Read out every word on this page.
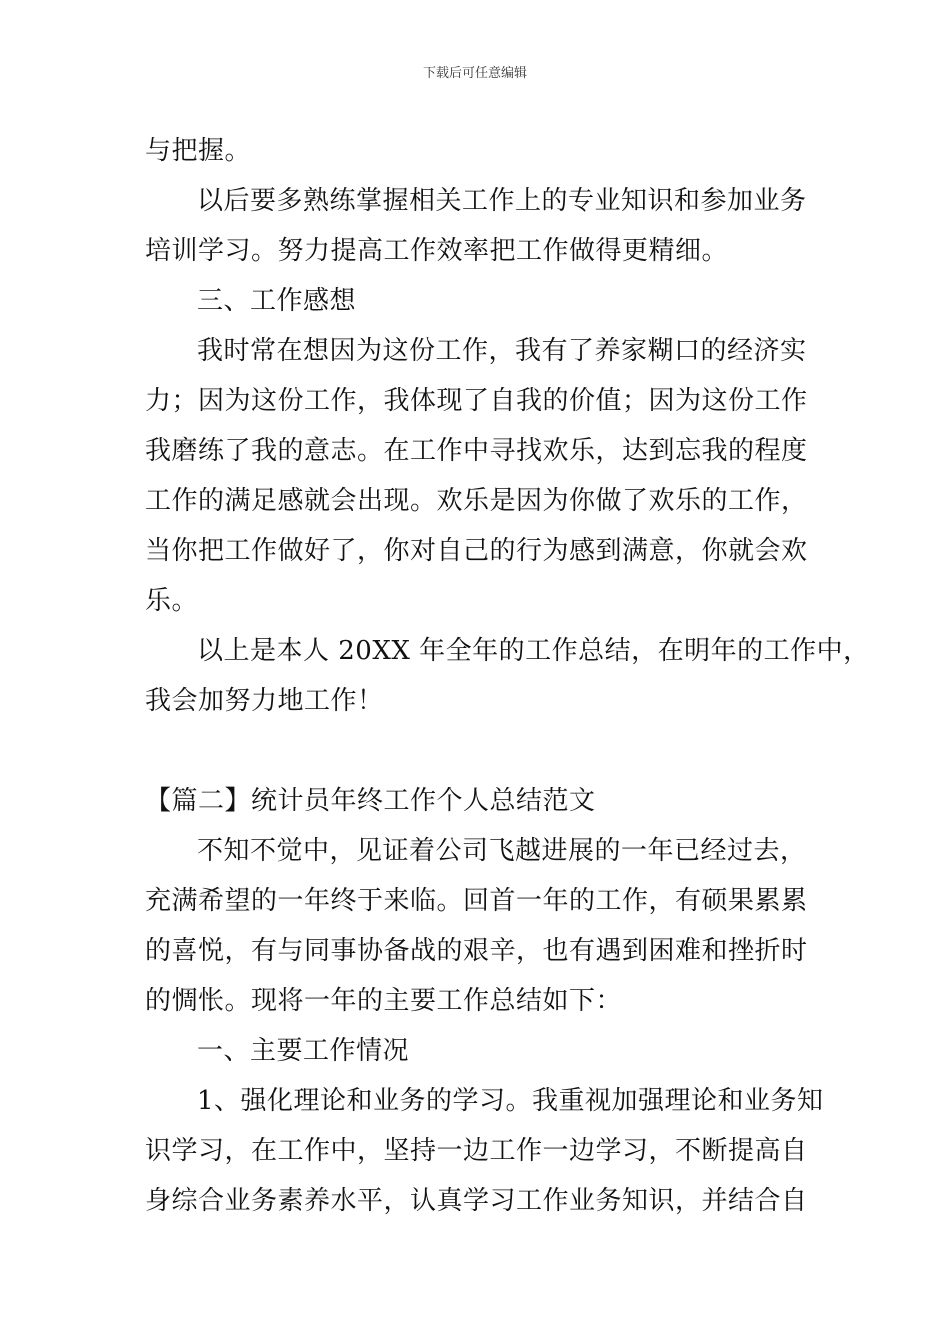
下载后可任意编辑
与把握。
以后要多熟练掌握相关工作上的专业知识和参加业务
培训学习。努力提高工作效率把工作做得更精细。
三、工作感想
我时常在想因为这份工作，我有了养家糊口的经济实
力；因为这份工作，我体现了自我的价值；因为这份工作
我磨练了我的意志。在工作中寻找欢乐，达到忘我的程度
工作的满足感就会出现。欢乐是因为你做了欢乐的工作，
当你把工作做好了，你对自己的行为感到满意，你就会欢
乐。
以上是本人 20XX 年全年的工作总结，在明年的工作中，
我会加努力地工作！
【篇二】统计员年终工作个人总结范文
不知不觉中，见证着公司飞越进展的一年已经过去，
充满希望的一年终于来临。回首一年的工作，有硕果累累
的喜悦，有与同事协备战的艰辛，也有遇到困难和挫折时
的惆怅。现将一年的主要工作总结如下：
一、主要工作情况
1、强化理论和业务的学习。我重视加强理论和业务知
识学习，在工作中，坚持一边工作一边学习，不断提高自
身综合业务素养水平，认真学习工作业务知识，并结合自
